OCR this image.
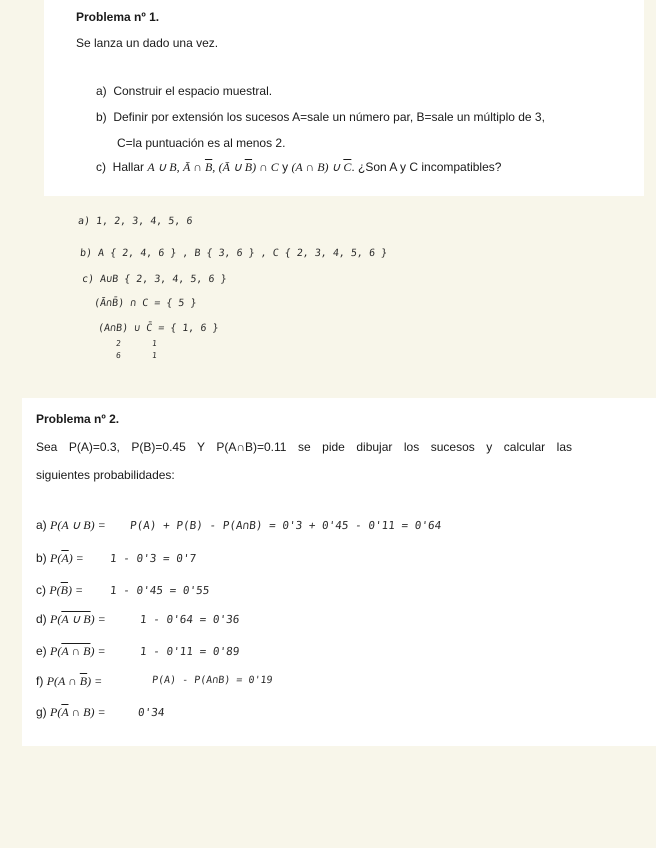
Problema nº 1.
Se lanza un dado una vez.
a) Construir el espacio muestral.
b) Definir por extensión los sucesos A=sale un número par, B=sale un múltiplo de 3,
C=la puntuación es al menos 2.
c) Hallar A ∪ B, Ā ∩ $\overline{B}$, (Ā ∪ $\overline{B}$) ∩ C y (A ∩ B) ∪ $\overline{C}$. ¿Son A y C incompatibles?
a) 1, 2, 3, 4, 5, 6
b) A { 2, 4, 6 } , B { 3, 6 } , C { 2, 3, 4, 5, 6 }
c) A∪B { 2, 3, 4, 5, 6 }
(Ā∩B̄) ∩ C = { 5 }
(A∩B) ∪ C̄ = { 1, 6 }
2
6
1
1
Problema nº 2.
Sea P(A)=0.3, P(B)=0.45 Y P(A∩B)=0.11 se pide dibujar los sucesos y calcular las
siguientes probabilidades:
a) P(A ∪ B) = P(A) + P(B) - P(A∩B) = 0'3 + 0'45 - 0'11 = 0'64
b) $P(\overline{A}) = 1 - 0'3 = 0'7$
c) $P(\overline{B}) = 1 - 0'45 = 0'55$
d) P(A ∪ B) =	1 - 0'64 = 0'36
e) P(A ∩ B) =	1 - 0'11 = 0'89
f) P(A ∩ $\overline{B}$) =	P(A) - P(A∩B) = 0'19
g) $P(\overline{A}$ ∩ B) =	0'34
